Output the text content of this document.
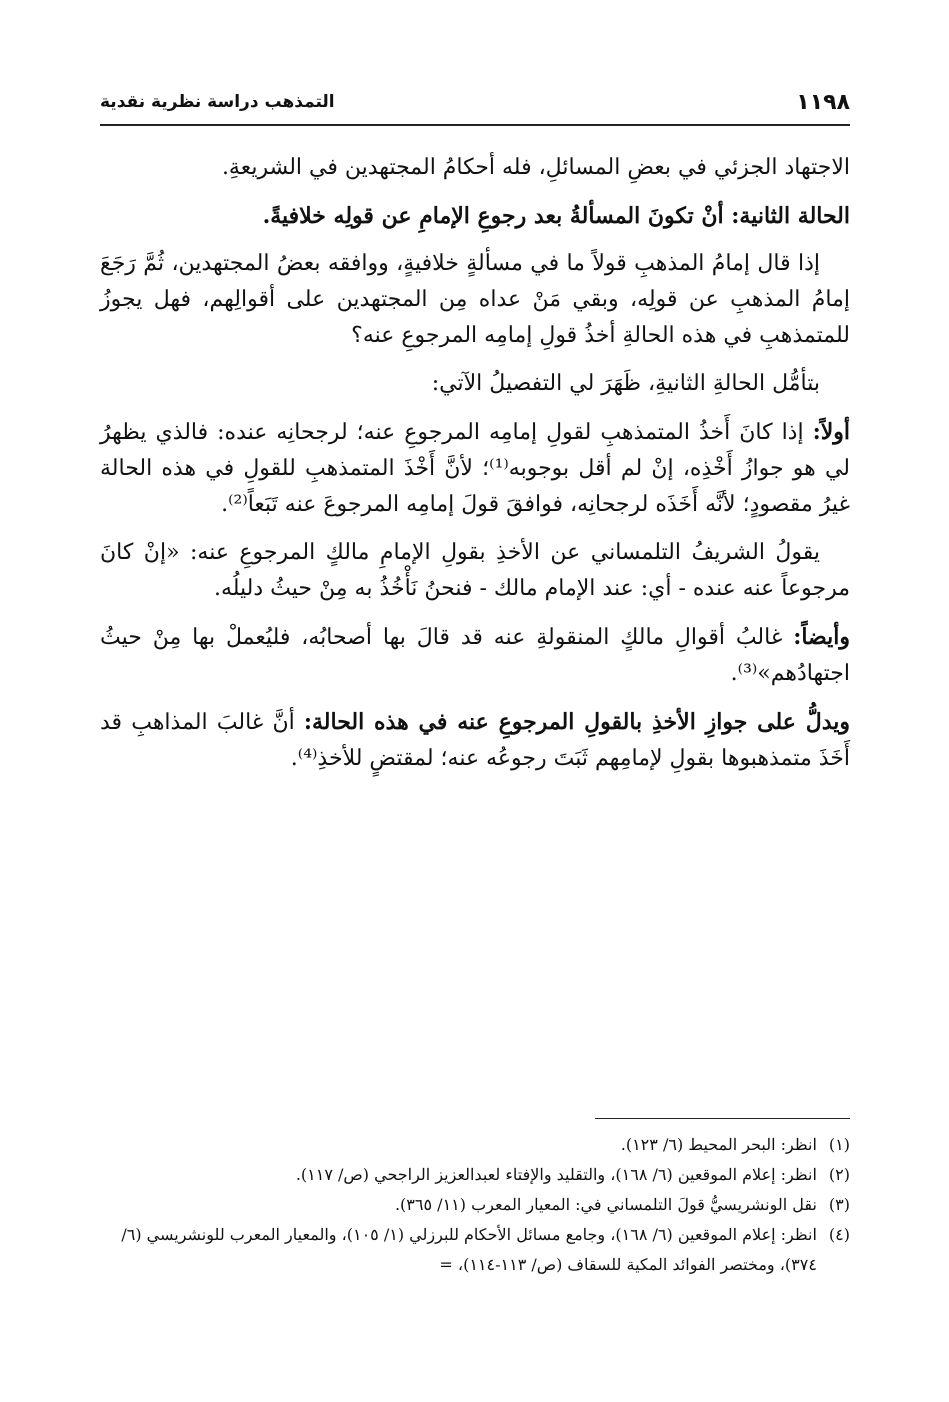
١١٩٨
التمذهب دراسة نظرية نقدية

الاجتهاد الجزئي في بعضِ المسائلِ، فله أحكامُ المجتهدين في الشريعةِ.

الحالة الثانية: أنْ تكونَ المسألةُ بعد رجوعِ الإمامِ عن قولِه خلافيةً.

إذا قال إمامُ المذهبِ قولاً ما في مسألةٍ خلافيةٍ، ووافقه بعضُ المجتهدين، ثُمَّ رَجَعَ إمامُ المذهبِ عن قولِه، وبقي مَنْ عداه مِن المجتهدين على أقوالِهم، فهل يجوزُ للمتمذهبِ في هذه الحالةِ أخذُ قولِ إمامِه المرجوعِ عنه؟

بتأمُّل الحالةِ الثانيةِ، ظَهَرَ لي التفصيلُ الآتي:

أولاً: إذا كانَ أَخذُ المتمذهبِ لقولِ إمامِه المرجوعِ عنه؛ لرجحانِه عنده: فالذي يظهرُ لي هو جوازُ أَخْذِه، إنْ لم أقل بوجوبه⁽¹⁾؛ لأنَّ أَخْذَ المتمذهبِ للقولِ في هذه الحالة غيرُ مقصودٍ؛ لأنَّه أَخَذَه لرجحانِه، فوافقَ قولَ إمامِه المرجوعَ عنه تَبَعاً⁽²⁾.

يقولُ الشريفُ التلمساني عن الأخذِ بقولِ الإمامِ مالكٍ المرجوعِ عنه: «إنْ كانَ مرجوعاً عنه عنده - أي: عند الإمام مالك - فنحنُ نَأْخُذُ به مِنْ حيثُ دليلُه.

وأيضاً: غالبُ أقوالِ مالكٍ المنقولةِ عنه قد قالَ بها أصحابُه، فليُعملْ بها مِنْ حيثُ اجتهادُهم»⁽³⁾.

ويدلُّ على جوازِ الأخذِ بالقولِ المرجوعِ عنه في هذه الحالة: أنَّ غالبَ المذاهبِ قد أَخَذَ متمذهبوها بقولِ لإمامِهم ثَبَتَ رجوعُه عنه؛ لمقتضٍ للأخذِ⁽⁴⁾.

(١)
انظر: البحر المحيط (٦/ ١٢٣).
(٢)
انظر: إعلام الموقعين (٦/ ١٦٨)، والتقليد والإفتاء لعبدالعزيز الراجحي (ص/ ١١٧).
(٣)
نقل الونشريسيُّ قولَ التلمساني في: المعيار المعرب (١١/ ٣٦٥).
(٤)
انظر: إعلام الموقعين (٦/ ١٦٨)، وجامع مسائل الأحكام للبرزلي (١/ ١٠٥)، والمعيار المعرب للونشريسي (٦/ ٣٧٤)، ومختصر الفوائد المكية للسقاف (ص/ ١١٣-١١٤)، =
